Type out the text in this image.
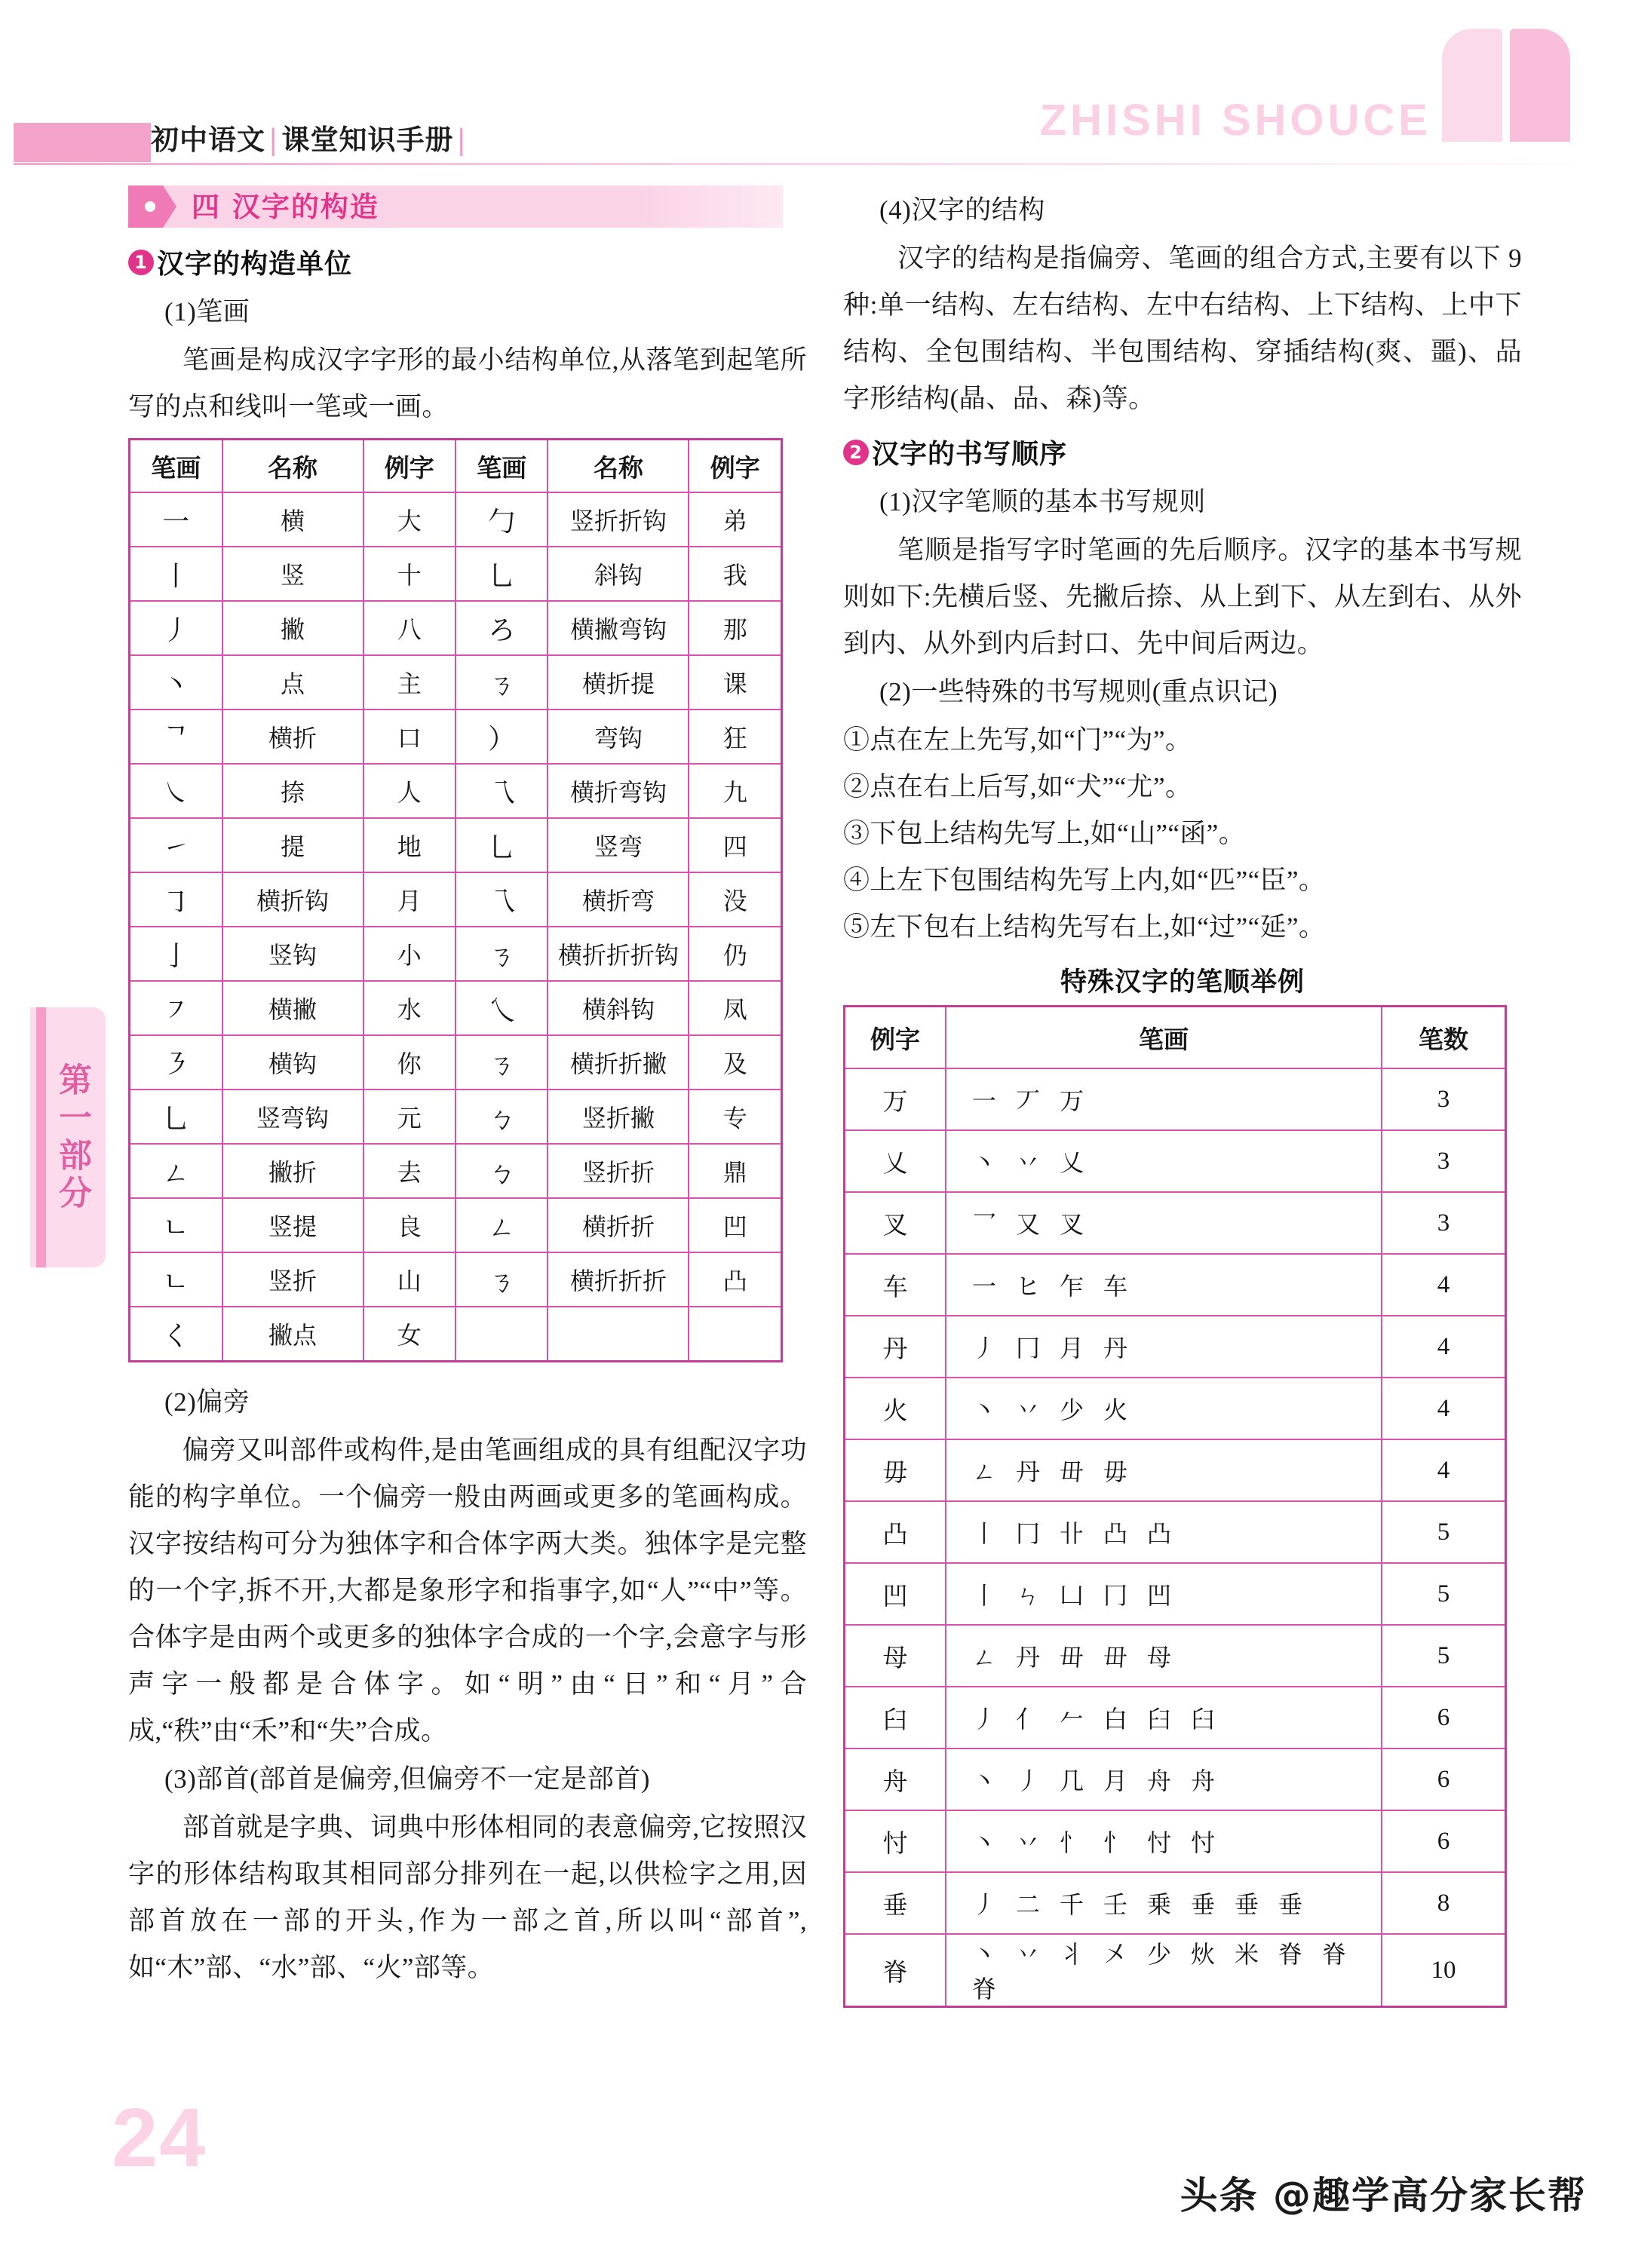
初中语文 | 课堂知识手册 |	ZHISHI SHOUCE
第一部分
四 汉字的构造
1 汉字的构造单位

(1)笔画

笔画是构成汉字字形的最小结构单位,从落笔到起笔所写的点和线叫一笔或一画。

笔画	名称	例字	笔画	名称	例字
一	横	大	勹	竖折折钩	弟
丨	竖	十	乚	斜钩	我
丿	撇	八	ろ	横撇弯钩	那
丶	点	主	ㄋ	横折提	课
ᄀ	横折	口	）	弯钩	狂
㇏	捺	人	乁	横折弯钩	九
㇀	提	地	乚	竖弯	四
㇆	横折钩	月	乁	横折弯	没
亅	竖钩	小	ㄋ	横折折折钩	仍
㇇	横撇	水	乀	横斜钩	凤
㇋	横钩	你	ㄋ	横折折撇	及
乚	竖弯钩	元	ㄅ	竖折撇	专
ㄥ	撇折	去	ㄅ	竖折折	鼎
ㄴ	竖提	良	ㄥ	横折折	凹
ㄴ	竖折	山	ㄋ	横折折折	凸
く	撇点	女			

(2)偏旁

偏旁又叫部件或构件,是由笔画组成的具有组配汉字功能的构字单位。一个偏旁一般由两画或更多的笔画构成。汉字按结构可分为独体字和合体字两大类。独体字是完整的一个字,拆不开,大都是象形字和指事字,如“人”“中”等。合体字是由两个或更多的独体字合成的一个字,会意字与形声字一般都是合体字。如“明”由“日”和“月”合成,“秩”由“禾”和“失”合成。

(3)部首(部首是偏旁,但偏旁不一定是部首)

部首就是字典、词典中形体相同的表意偏旁,它按照汉字的形体结构取其相同部分排列在一起,以供检字之用,因部首放在一部的开头,作为一部之首,所以叫“部首”,如“木”部、“水”部、“火”部等。

(4)汉字的结构

汉字的结构是指偏旁、笔画的组合方式,主要有以下 9 种:单一结构、左右结构、左中右结构、上下结构、上中下结构、全包围结构、半包围结构、穿插结构(爽、噩)、品字形结构(晶、品、森)等。

2 汉字的书写顺序

(1)汉字笔顺的基本书写规则

笔顺是指写字时笔画的先后顺序。汉字的基本书写规则如下:先横后竖、先撇后捺、从上到下、从左到右、从外到内、从外到内后封口、先中间后两边。

(2)一些特殊的书写规则(重点识记)

①点在左上先写,如“门”“为”。

②点在右上后写,如“犬”“尤”。

③下包上结构先写上,如“山”“函”。

④上左下包围结构先写上内,如“匹”“臣”。

⑤左下包右上结构先写右上,如“过”“延”。

特殊汉字的笔顺举例
例字	笔画	笔数
万	一 丆 万	3
乂	丶 丷 乂	3
叉	乛 又 叉	3
车	一 ヒ 乍 车	4
丹	丿 冂 月 丹	4
火	丶 丷 少 火	4
毋	ㄥ 丹 毌 毋	4
凸	丨 冂 卝 凸 凸	5
凹	丨 ㄣ 凵 冂 凹	5
母	ㄥ 丹 毌 毌 母	5
臼	丿 亻 𠂉 白 臼 臼	6
舟	丶 丿 几 月 舟 舟	6
忖	丶 丷 忄 忄 忖 忖	6
垂	丿 二 千 壬 乗 垂 垂 垂	8
脊	丶 丷 丬 㐅 少 炏 米 脊 脊 脊	10
24
头条 @趣学高分家长帮
